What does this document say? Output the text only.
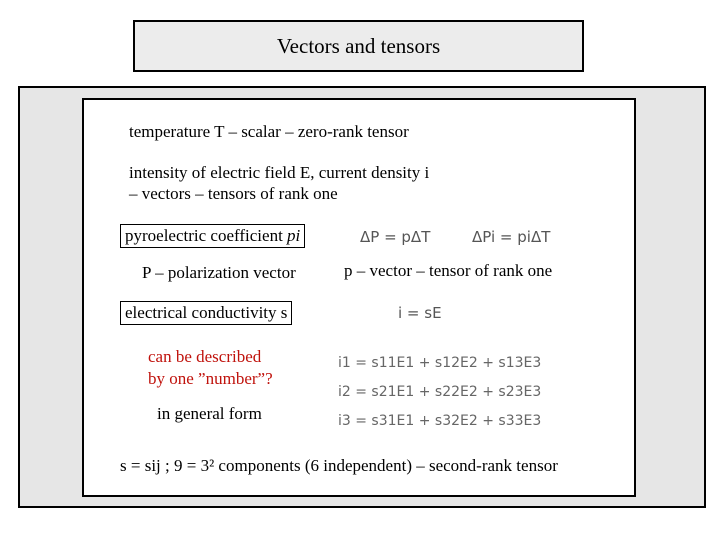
Vectors and tensors
temperature T – scalar – zero-rank tensor
intensity of electric field E, current density i
– vectors – tensors of rank one
pyroelectric coefficient pi	ΔP = pΔT	ΔPi = piΔT
P – polarization vector	p – vector – tensor of rank one
electrical conductivity s	i = sE
can be described
by one ”number”?
in general form
i1 = s11E1 + s12E2 + s13E3
i2 = s21E1 + s22E2 + s23E3
i3 = s31E1 + s32E2 + s33E3
s = sij ; 9 = 3² components (6 independent) – second-rank tensor
